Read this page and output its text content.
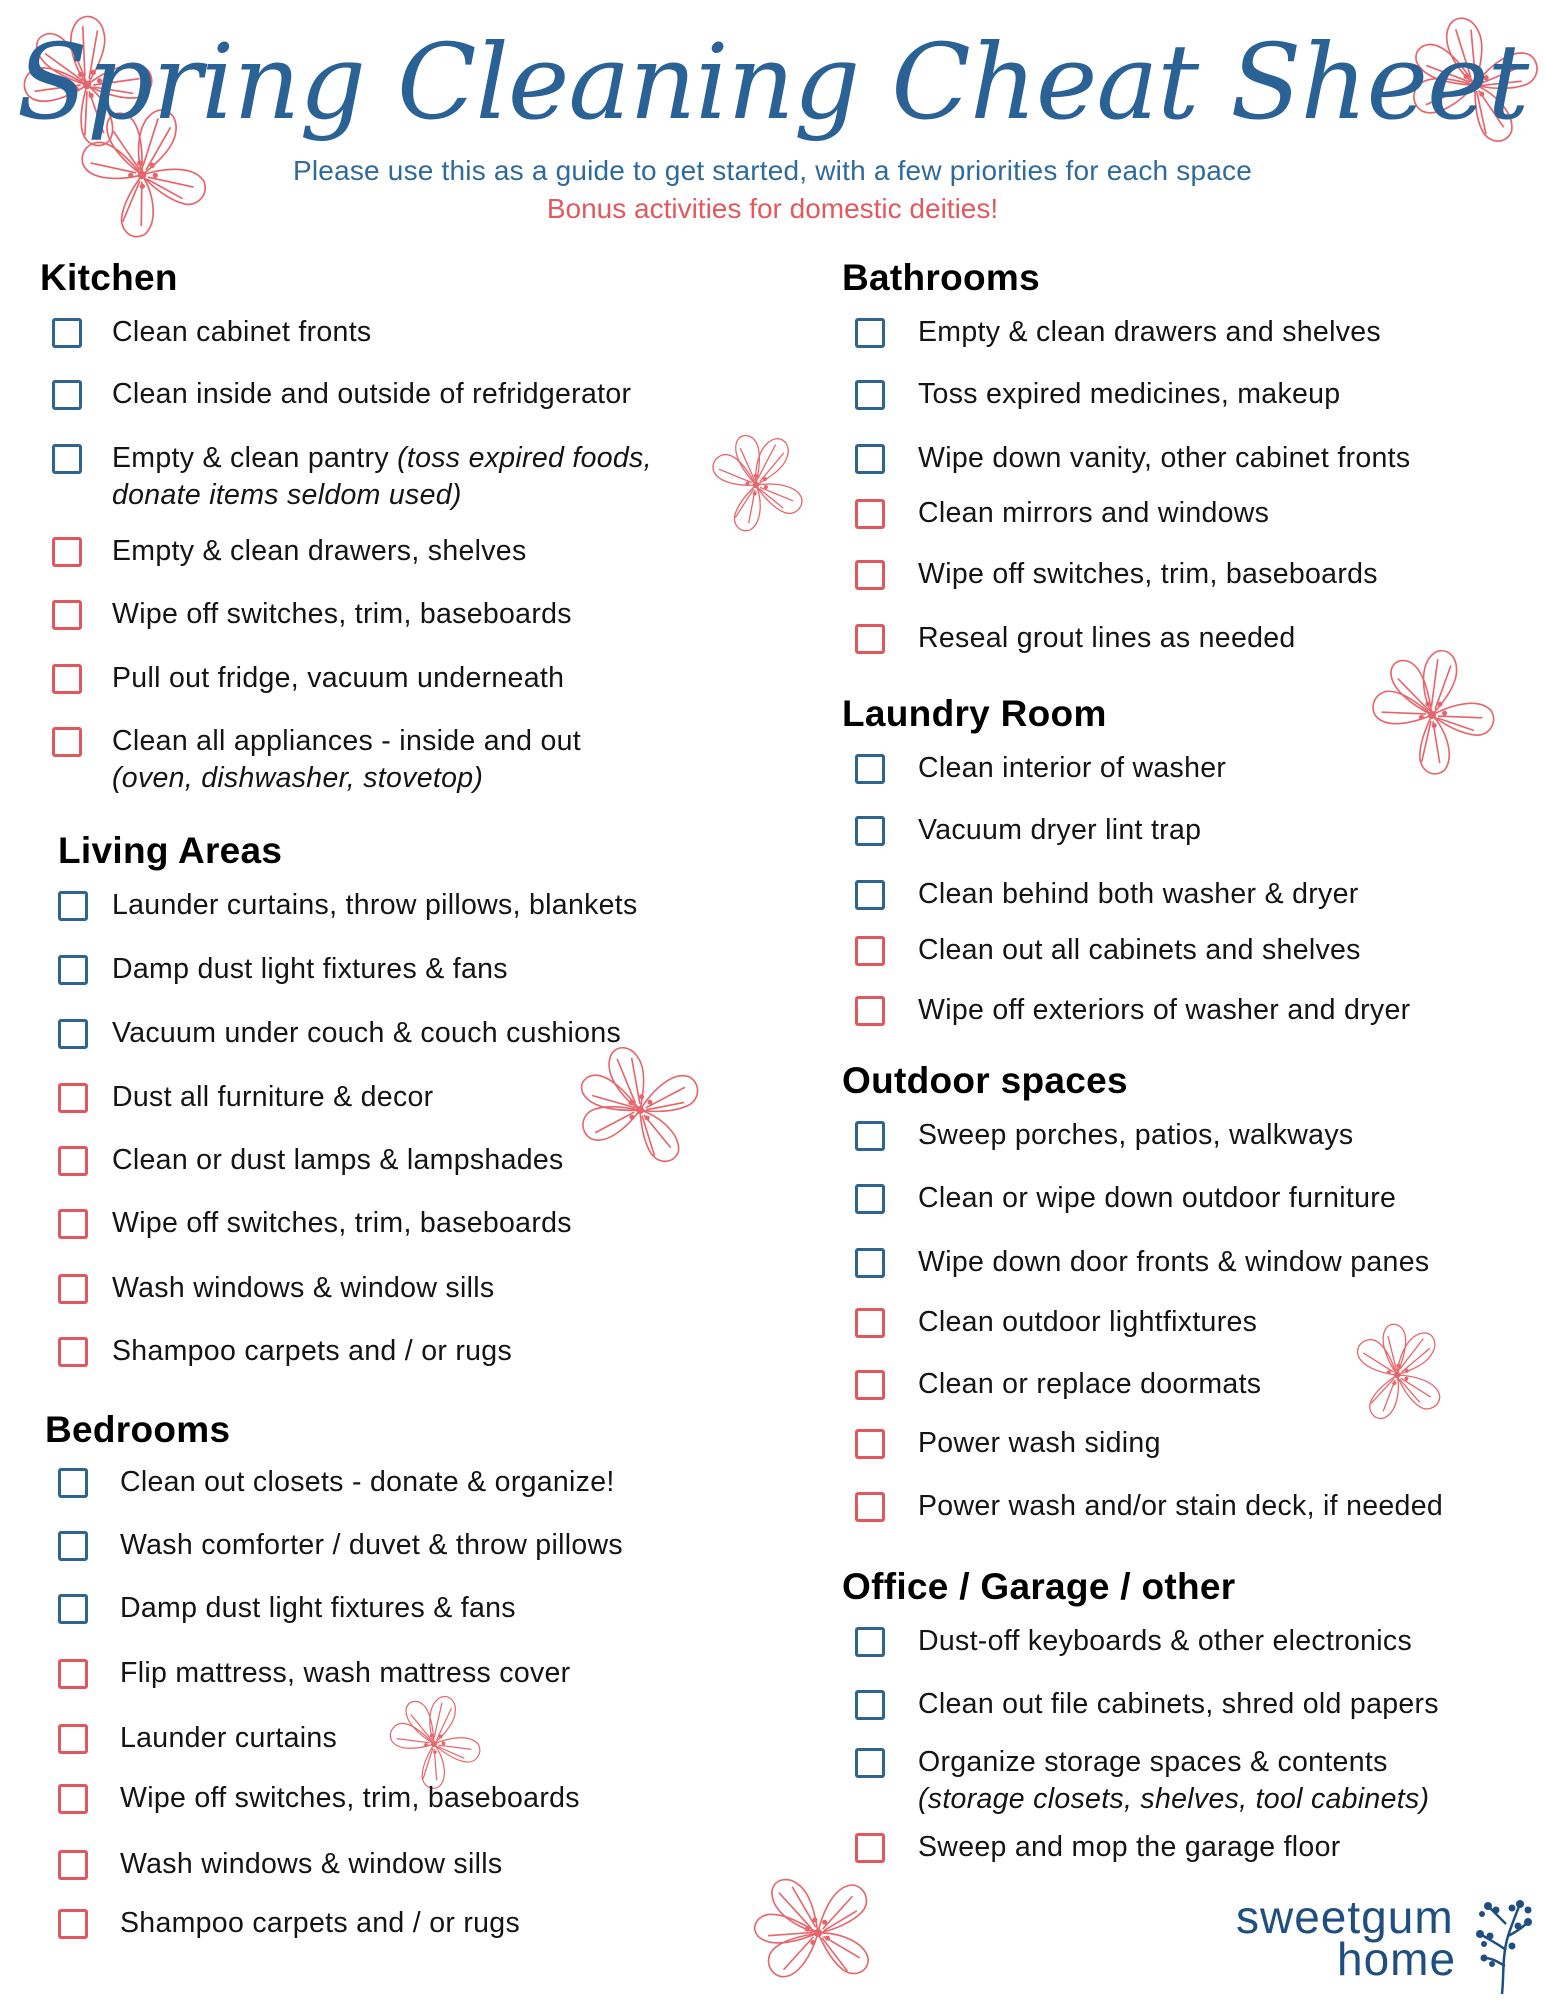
Spring Cleaning Cheat Sheet
Please use this as a guide to get started, with a few priorities for each space
Bonus activities for domestic deities!
Kitchen
Clean cabinet fronts
Clean inside and outside of refridgerator
Empty & clean pantry (toss expired foods,
donate items seldom used)
Empty & clean drawers, shelves
Wipe off switches, trim, baseboards
Pull out fridge, vacuum underneath
Clean all appliances - inside and out
(oven, dishwasher, stovetop)
Living Areas
Launder curtains, throw pillows, blankets
Damp dust light fixtures & fans
Vacuum under couch & couch cushions
Dust all furniture & decor
Clean or dust lamps & lampshades
Wipe off switches, trim, baseboards
Wash windows & window sills
Shampoo carpets and / or rugs
Bedrooms
Clean out closets - donate & organize!
Wash comforter / duvet & throw pillows
Damp dust light fixtures & fans
Flip mattress, wash mattress cover
Launder curtains
Wipe off switches, trim, baseboards
Wash windows & window sills
Shampoo carpets and / or rugs
Bathrooms
Empty & clean drawers and shelves
Toss expired medicines, makeup
Wipe down vanity, other cabinet fronts
Clean mirrors and windows
Wipe off switches, trim, baseboards
Reseal grout lines as needed
Laundry Room
Clean interior of washer
Vacuum dryer lint trap
Clean behind both washer & dryer
Clean out all cabinets and shelves
Wipe off exteriors of washer and dryer
Outdoor spaces
Sweep porches, patios, walkways
Clean or wipe down outdoor furniture
Wipe down door fronts & window panes
Clean outdoor lightfixtures
Clean or replace doormats
Power wash siding
Power wash and/or stain deck, if needed
Office / Garage / other
Dust-off keyboards & other electronics
Clean out file cabinets, shred old papers
Organize storage spaces & contents
(storage closets, shelves, tool cabinets)
Sweep and mop the garage floor
sweetgum
home
